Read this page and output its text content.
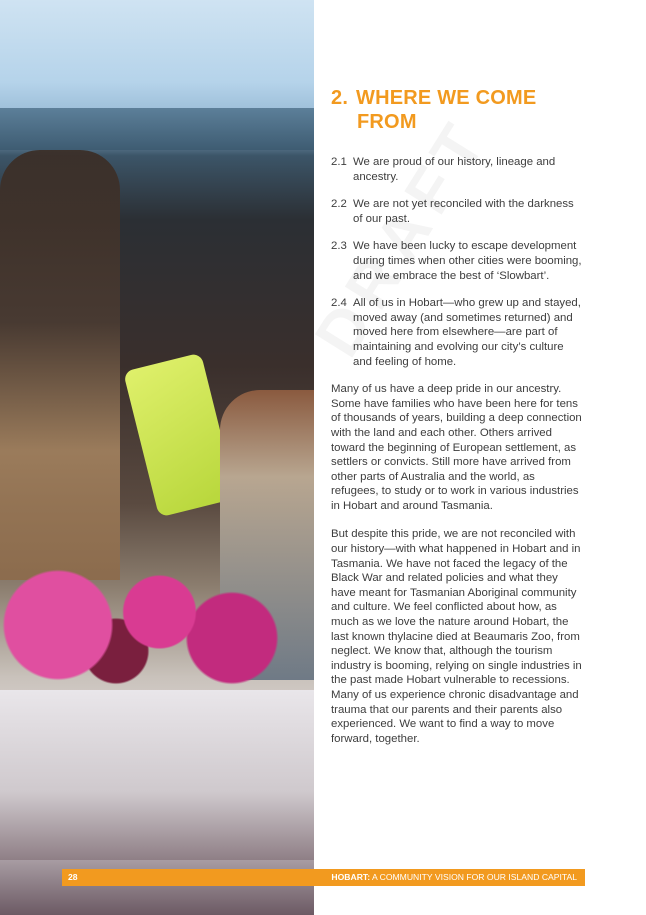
2. WHERE WE COME
FROM
2.1 We are proud of our history, lineage and ancestry.
2.2 We are not yet reconciled with the darkness of our past.
2.3 We have been lucky to escape development during times when other cities were booming, and we embrace the best of ‘Slowbart’.
2.4 All of us in Hobart—who grew up and stayed, moved away (and sometimes returned) and moved here from elsewhere—are part of maintaining and evolving our city’s culture and feeling of home.

Many of us have a deep pride in our ancestry. Some have families who have been here for tens of thousands of years, building a deep connection with the land and each other. Others arrived toward the beginning of European settlement, as settlers or convicts. Still more have arrived from other parts of Australia and the world, as refugees, to study or to work in various industries in Hobart and around Tasmania.

But despite this pride, we are not reconciled with our history—with what happened in Hobart and in Tasmania. We have not faced the legacy of the Black War and related policies and what they have meant for Tasmanian Aboriginal community and culture. We feel conflicted about how, as much as we love the nature around Hobart, the last known thylacine died at Beaumaris Zoo, from neglect. We know that, although the tourism industry is booming, relying on single industries in the past made Hobart vulnerable to recessions. Many of us experience chronic disadvantage and trauma that our parents and their parents also experienced. We want to find a way to move forward, together.

28	HOBART: A COMMUNITY VISION FOR OUR ISLAND CAPITAL
